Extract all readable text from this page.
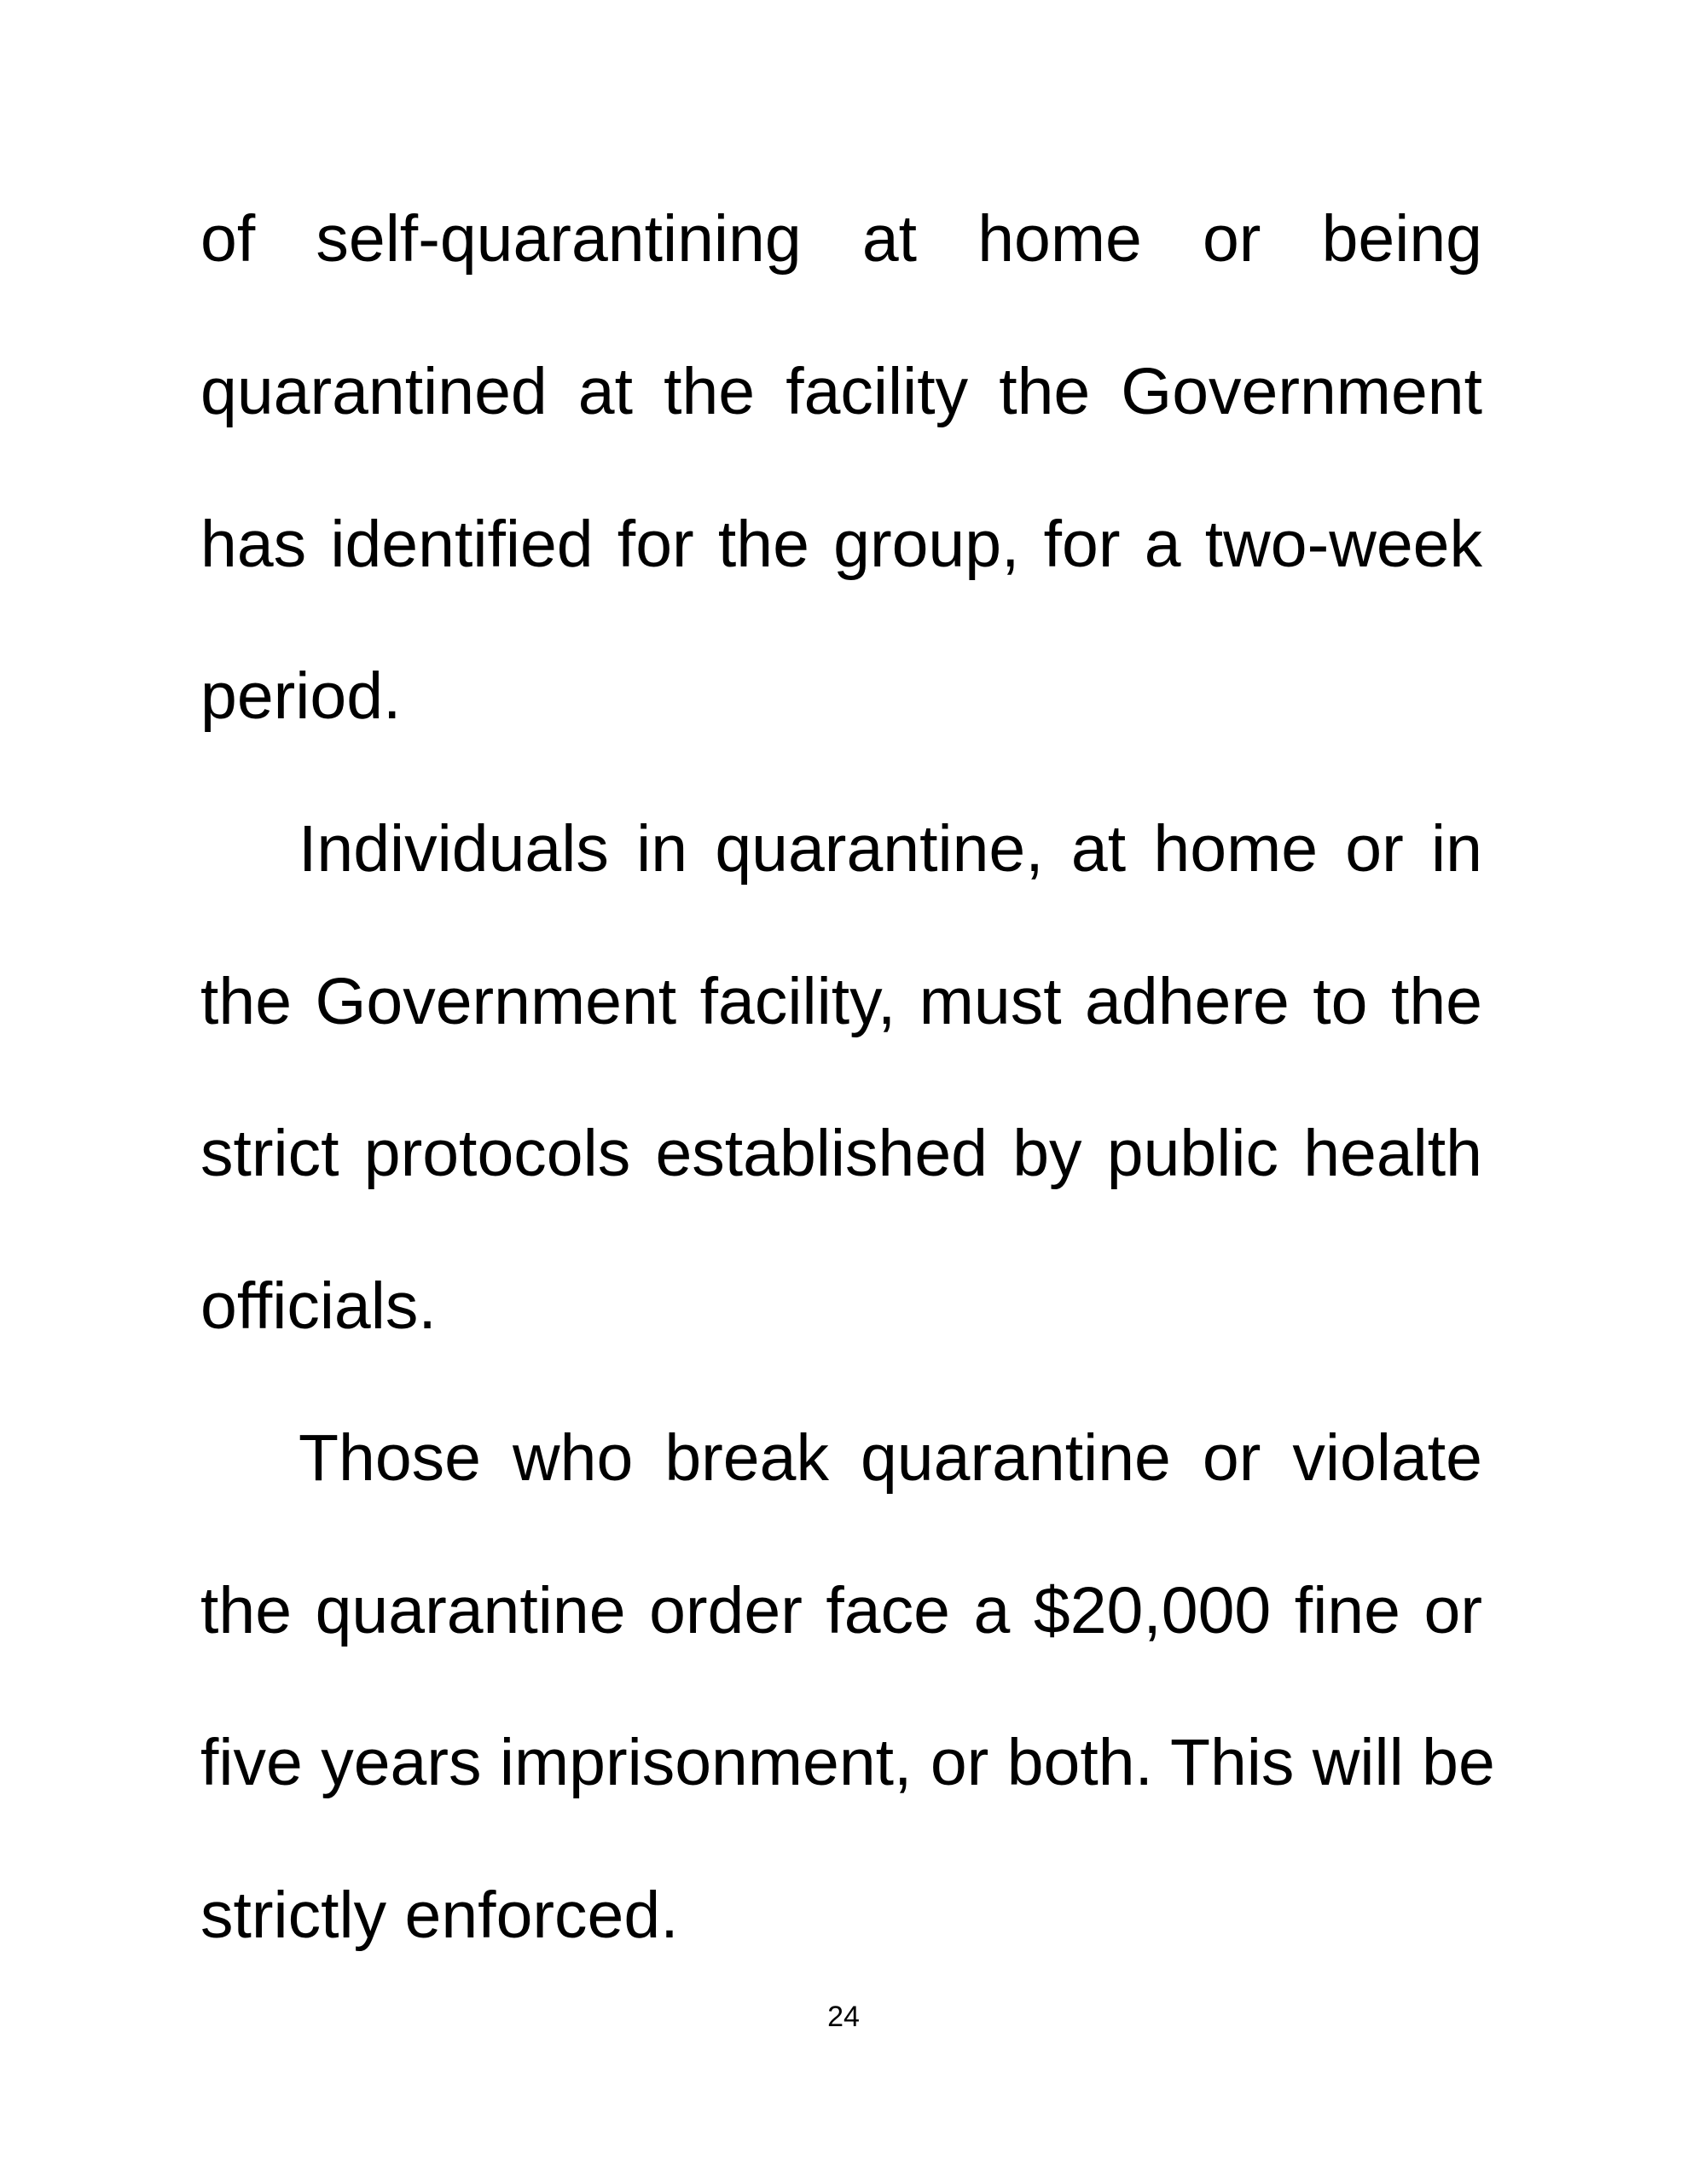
of self-quarantining at home or being
quarantined at the facility the Government
has identified for the group, for a two-week
period.
Individuals in quarantine, at home or in
the Government facility, must adhere to the
strict protocols established by public health
officials.
Those who break quarantine or violate
the quarantine order face a $20,000 fine or
five years imprisonment, or both. This will be
strictly enforced.
24
